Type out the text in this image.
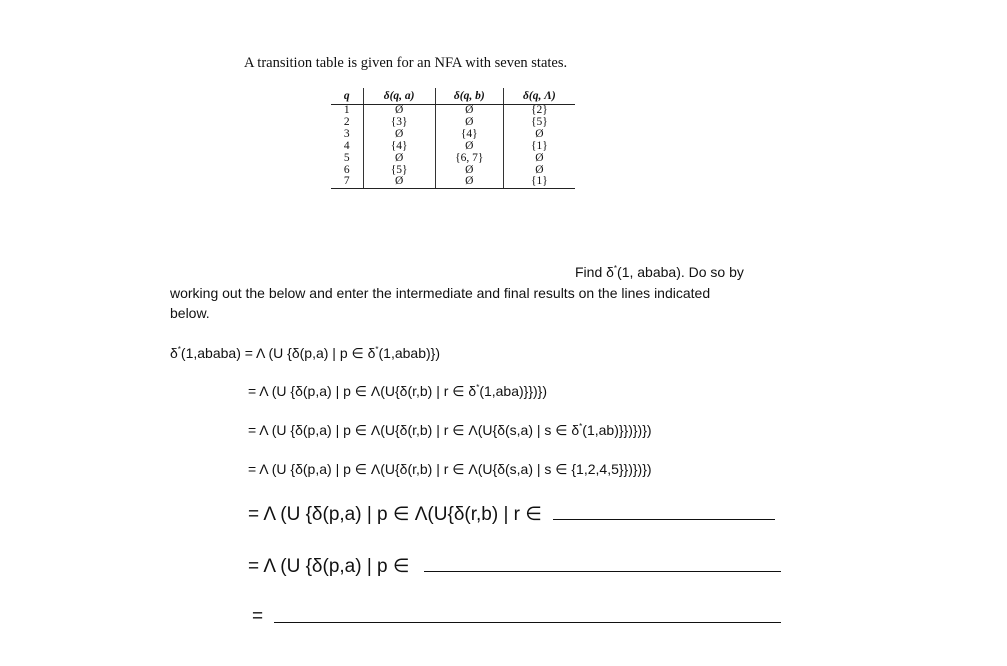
A transition table is given for an NFA with seven states.
q	δ(q, a)	δ(q, b)	δ(q, Λ)
1	Ø	Ø	{2}
2	{3}	Ø	{5}
3	Ø	{4}	Ø
4	{4}	Ø	{1}
5	Ø	{6, 7}	Ø
6	{5}	Ø	Ø
7	Ø	Ø	{1}
Find δ*(1, ababa). Do so by
working out the below and enter the intermediate and final results on the lines indicated
below.
δ*(1,ababa) = Λ (U {δ(p,a) | p ∈ δ*(1,abab)})
= Λ (U {δ(p,a) | p ∈ Λ(U{δ(r,b) | r ∈ δ*(1,aba)}})})
= Λ (U {δ(p,a) | p ∈ Λ(U{δ(r,b) | r ∈ Λ(U{δ(s,a) | s ∈ δ*(1,ab)}})})})
= Λ (U {δ(p,a) | p ∈ Λ(U{δ(r,b) | r ∈ Λ(U{δ(s,a) | s ∈ {1,2,4,5}})})})
= Λ (U {δ(p,a) | p ∈ Λ(U{δ(r,b) | r ∈
= Λ (U {δ(p,a) | p ∈
=
